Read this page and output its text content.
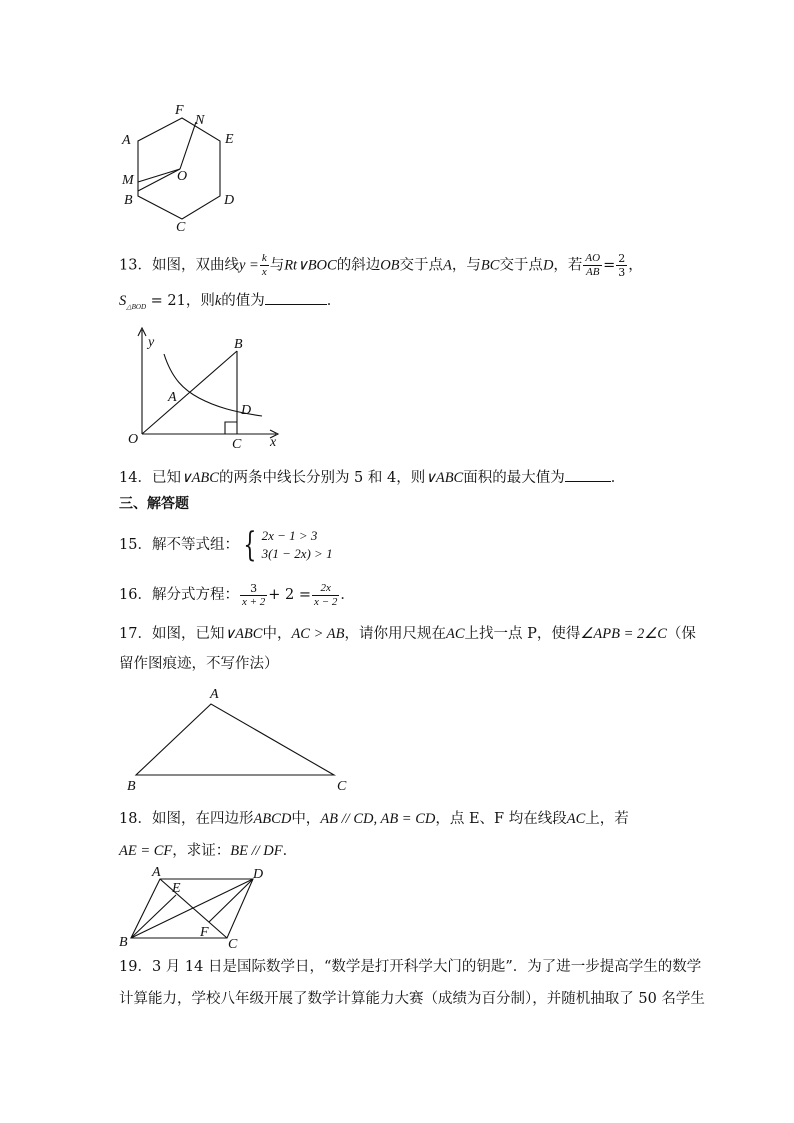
F
N
A	E
O
M
B	D
C
13．如图，双曲线$y = \frac{k}{x}$ 与Rt∨BOC的斜边OB交于点A，与BC交于点D，若 $\frac{AO}{AB} = \frac{2}{3}$ ，
$S_{\triangle BOD} = 21$，则k的值为	．
y	B
A
D
O	C x
14．已知∨ABC的两条中线长分别为 5 和 4，则∨ABC面积的最大值为	．
三、解答题
15．解不等式组： { 2x − 1 > 3
3(1 − 2x) > 1
16．解分式方程： $\frac{3}{x + 2} + 2 = \frac{2x}{x - 2}$ ．
17．如图，已知∨ABC中，AC > AB，请你用尺规在AC上找一点 P，使得∠APB = 2∠C（保
留作图痕迹，不写作法）
A
B	C
18．如图，在四边形ABCD中，AB // CD, AB = CD，点 E、F 均在线段AC上，若
AE = CF，求证：BE // DF．
A	D
E
F
B	C
19．3 月 14 日是国际数学日，“数学是打开科学大门的钥匙”．为了进一步提高学生的数学
计算能力，学校八年级开展了数学计算能力大赛（成绩为百分制），并随机抽取了 50 名学生
